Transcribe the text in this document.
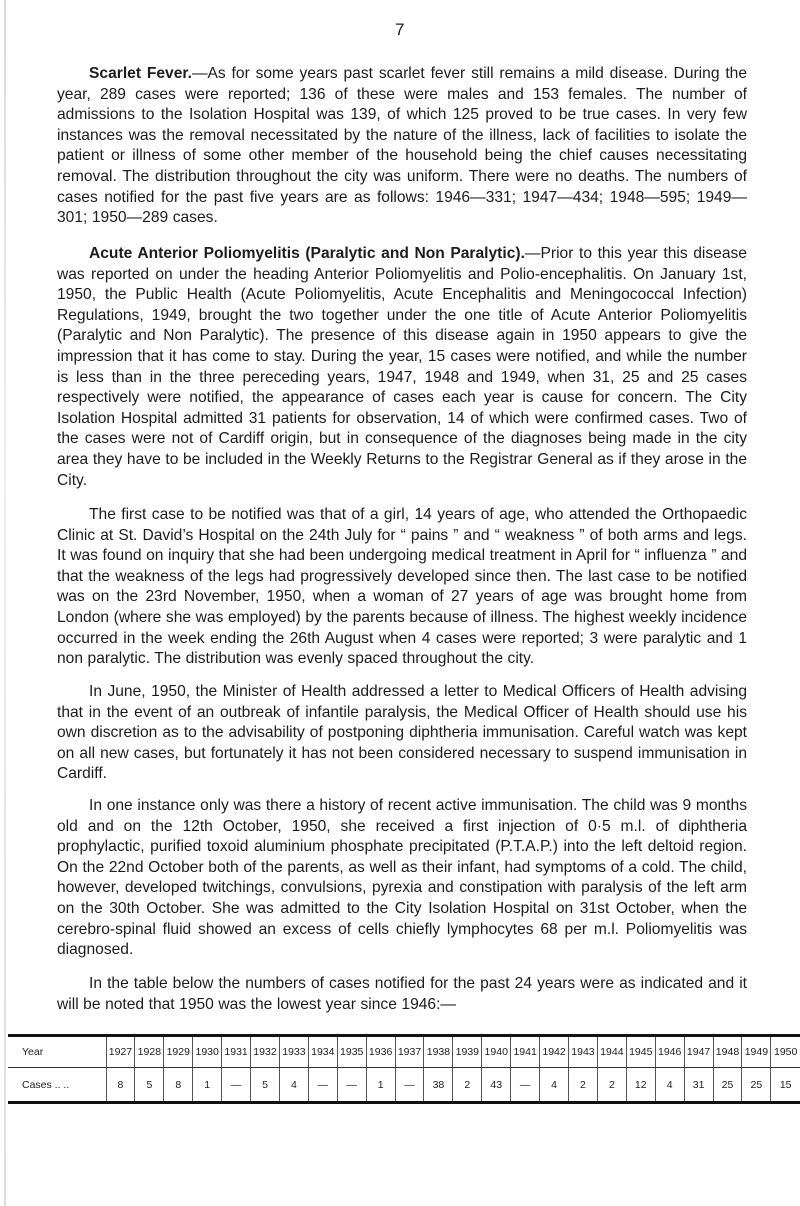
7

Scarlet Fever.—As for some years past scarlet fever still remains a mild disease. During the year, 289 cases were reported; 136 of these were males and 153 females. The number of admissions to the Isolation Hospital was 139, of which 125 proved to be true cases. In very few instances was the removal necessitated by the nature of the illness, lack of facilities to isolate the patient or illness of some other member of the household being the chief causes necessitating removal. The distribution throughout the city was uniform. There were no deaths. The numbers of cases notified for the past five years are as follows: 1946—331; 1947—434; 1948—595; 1949—301; 1950—289 cases.

Acute Anterior Poliomyelitis (Paralytic and Non Paralytic).—Prior to this year this disease was reported on under the heading Anterior Poliomyelitis and Polio-encephalitis. On January 1st, 1950, the Public Health (Acute Poliomyelitis, Acute Encephalitis and Meningococcal Infection) Regulations, 1949, brought the two together under the one title of Acute Anterior Poliomyelitis (Paralytic and Non Paralytic). The presence of this disease again in 1950 appears to give the impression that it has come to stay. During the year, 15 cases were notified, and while the number is less than in the three pereceding years, 1947, 1948 and 1949, when 31, 25 and 25 cases respectively were notified, the appearance of cases each year is cause for concern. The City Isolation Hospital admitted 31 patients for observation, 14 of which were confirmed cases. Two of the cases were not of Cardiff origin, but in consequence of the diagnoses being made in the city area they have to be included in the Weekly Returns to the Registrar General as if they arose in the City.

The first case to be notified was that of a girl, 14 years of age, who attended the Orthopaedic Clinic at St. David’s Hospital on the 24th July for “ pains ” and “ weakness ” of both arms and legs. It was found on inquiry that she had been undergoing medical treatment in April for “ influenza ” and that the weakness of the legs had progressively developed since then. The last case to be notified was on the 23rd November, 1950, when a woman of 27 years of age was brought home from London (where she was employed) by the parents because of illness. The highest weekly incidence occurred in the week ending the 26th August when 4 cases were reported; 3 were paralytic and 1 non paralytic. The distribution was evenly spaced throughout the city.

In June, 1950, the Minister of Health addressed a letter to Medical Officers of Health advising that in the event of an outbreak of infantile paralysis, the Medical Officer of Health should use his own discretion as to the advisability of postponing diphtheria immunisation. Careful watch was kept on all new cases, but fortunately it has not been considered necessary to suspend immunisation in Cardiff.

In one instance only was there a history of recent active immunisation. The child was 9 months old and on the 12th October, 1950, she received a first injection of 0·5 m.l. of diphtheria prophylactic, purified toxoid aluminium phosphate precipitated (P.T.A.P.) into the left deltoid region. On the 22nd October both of the parents, as well as their infant, had symptoms of a cold. The child, however, developed twitchings, convulsions, pyrexia and constipation with paralysis of the left arm on the 30th October. She was admitted to the City Isolation Hospital on 31st October, when the cerebro-spinal fluid showed an excess of cells chiefly lymphocytes 68 per m.l. Poliomyelitis was diagnosed.

In the table below the numbers of cases notified for the past 24 years were as indicated and it will be noted that 1950 was the lowest year since 1946:—

Year	1927	1928	1929	1930	1931	1932	1933	1934	1935	1936	1937	1938	1939	1940	1941	1942	1943	1944	1945	1946	1947	1948	1949	1950
Cases .. ..	8	5	8	1	—	5	4	—	—	1	—	38	2	43	—	4	2	2	12	4	31	25	25	15
